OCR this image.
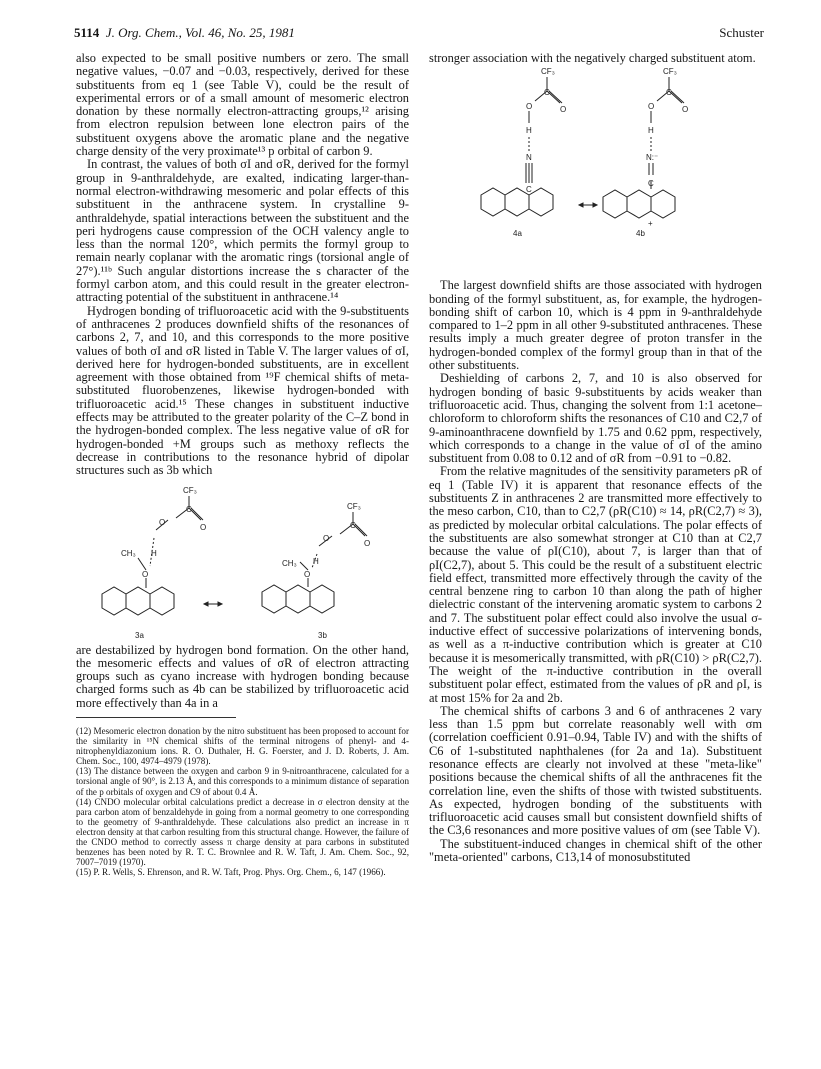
5114 J. Org. Chem., Vol. 46, No. 25, 1981	Schuster

also expected to be small positive numbers or zero. The small negative values, −0.07 and −0.03, respectively, derived for these substituents from eq 1 (see Table V), could be the result of experimental errors or of a small amount of mesomeric electron donation by these normally electron-attracting groups,¹² arising from electron repulsion between lone electron pairs of the substituent oxygens above the aromatic plane and the negative charge density of the very proximate¹³ p orbital of carbon 9.

In contrast, the values of both σI and σR, derived for the formyl group in 9-anthraldehyde, are exalted, indicating larger-than-normal electron-withdrawing mesomeric and polar effects of this substituent in the anthracene system. In crystalline 9-anthraldehyde, spatial interactions between the substituent and the peri hydrogens cause compression of the OCH valency angle to less than the normal 120°, which permits the formyl group to remain nearly coplanar with the aromatic rings (torsional angle of 27°).¹¹ᵇ Such angular distortions increase the s character of the formyl carbon atom, and this could result in the greater electron-attracting potential of the substituent in anthracene.¹⁴

Hydrogen bonding of trifluoroacetic acid with the 9-substituents of anthracenes 2 produces downfield shifts of the resonances of carbons 2, 7, and 10, and this corresponds to the more positive values of both σI and σR listed in Table V. The larger values of σI, derived here for hydrogen-bonded substituents, are in excellent agreement with those obtained from ¹⁹F chemical shifts of meta-substituted fluorobenzenes, likewise hydrogen-bonded with trifluoroacetic acid.¹⁵ These changes in substituent inductive effects may be attributed to the greater polarity of the C–Z bond in the hydrogen-bonded complex. The less negative value of σR for hydrogen-bonded +M groups such as methoxy reflects the decrease in contributions to the resonance hybrid of dipolar structures such as 3b which

CF₃
O
O
C
CH₃ H
O
3a
CF₃
O
O
C
CH₃ H
O
3b

are destabilized by hydrogen bond formation. On the other hand, the mesomeric effects and values of σR of electron attracting groups such as cyano increase with hydrogen bonding because charged forms such as 4b can be stabilized by trifluoroacetic acid more effectively than 4a in a

(12) Mesomeric electron donation by the nitro substituent has been proposed to account for the similarity in ¹⁵N chemical shifts of the terminal nitrogens of phenyl- and 4-nitrophenyldiazonium ions. R. O. Duthaler, H. G. Foerster, and J. D. Roberts, J. Am. Chem. Soc., 100, 4974–4979 (1978).

(13) The distance between the oxygen and carbon 9 in 9-nitroanthracene, calculated for a torsional angle of 90°, is 2.13 Å, and this corresponds to a minimum distance of separation of the p orbitals of oxygen and C9 of about 0.4 Å.

(14) CNDO molecular orbital calculations predict a decrease in σ electron density at the para carbon atom of benzaldehyde in going from a normal geometry to one corresponding to the geometry of 9-anthraldehyde. These calculations also predict an increase in π electron density at that carbon resulting from this structural change. However, the failure of the CNDO method to correctly assess π charge density at para carbons in substituted benzenes has been noted by R. T. C. Brownlee and R. W. Taft, J. Am. Chem. Soc., 92, 7007–7019 (1970).

(15) P. R. Wells, S. Ehrenson, and R. W. Taft, Prog. Phys. Org. Chem., 6, 147 (1966).

stronger association with the negatively charged substituent atom.

CF₃
C
O	O
H
N
C
4a
CF₃
C
O	O
H
N:⁻
C
+
4b

The largest downfield shifts are those associated with hydrogen bonding of the formyl substituent, as, for example, the hydrogen-bonding shift of carbon 10, which is 4 ppm in 9-anthraldehyde compared to 1–2 ppm in all other 9-substituted anthracenes. These results imply a much greater degree of proton transfer in the hydrogen-bonded complex of the formyl group than in that of the other substituents.

Deshielding of carbons 2, 7, and 10 is also observed for hydrogen bonding of basic 9-substituents by acids weaker than trifluoroacetic acid. Thus, changing the solvent from 1:1 acetone–chloroform to chloroform shifts the resonances of C10 and C2,7 of 9-aminoanthracene downfield by 1.75 and 0.62 ppm, respectively, which corresponds to a change in the value of σI of the amino substituent from 0.08 to 0.12 and of σR from −0.91 to −0.82.

From the relative magnitudes of the sensitivity parameters ρR of eq 1 (Table IV) it is apparent that resonance effects of the substituents Z in anthracenes 2 are transmitted more effectively to the meso carbon, C10, than to C2,7 (ρR(C10) ≈ 14, ρR(C2,7) ≈ 3), as predicted by molecular orbital calculations. The polar effects of the substituents are also somewhat stronger at C10 than at C2,7 because the value of ρI(C10), about 7, is larger than that of ρI(C2,7), about 5. This could be the result of a substituent electric field effect, transmitted more effectively through the cavity of the central benzene ring to carbon 10 than along the path of higher dielectric constant of the intervening aromatic system to carbons 2 and 7. The substituent polar effect could also involve the usual σ-inductive effect of successive polarizations of intervening bonds, as well as a π-inductive contribution which is greater at C10 because it is mesomerically transmitted, with ρR(C10) > ρR(C2,7). The weight of the π-inductive contribution in the overall substituent polar effect, estimated from the values of ρR and ρI, is at most 15% for 2a and 2b.

The chemical shifts of carbons 3 and 6 of anthracenes 2 vary less than 1.5 ppm but correlate reasonably well with σm (correlation coefficient 0.91–0.94, Table IV) and with the shifts of C6 of 1-substituted naphthalenes (for 2a and 1a). Substituent resonance effects are clearly not involved at these "meta-like" positions because the chemical shifts of all the anthracenes fit the correlation line, even the shifts of those with twisted substituents. As expected, hydrogen bonding of the substituents with trifluoroacetic acid causes small but consistent downfield shifts of the C3,6 resonances and more positive values of σm (see Table V).

The substituent-induced changes in chemical shift of the other "meta-oriented" carbons, C13,14 of monosubstituted
